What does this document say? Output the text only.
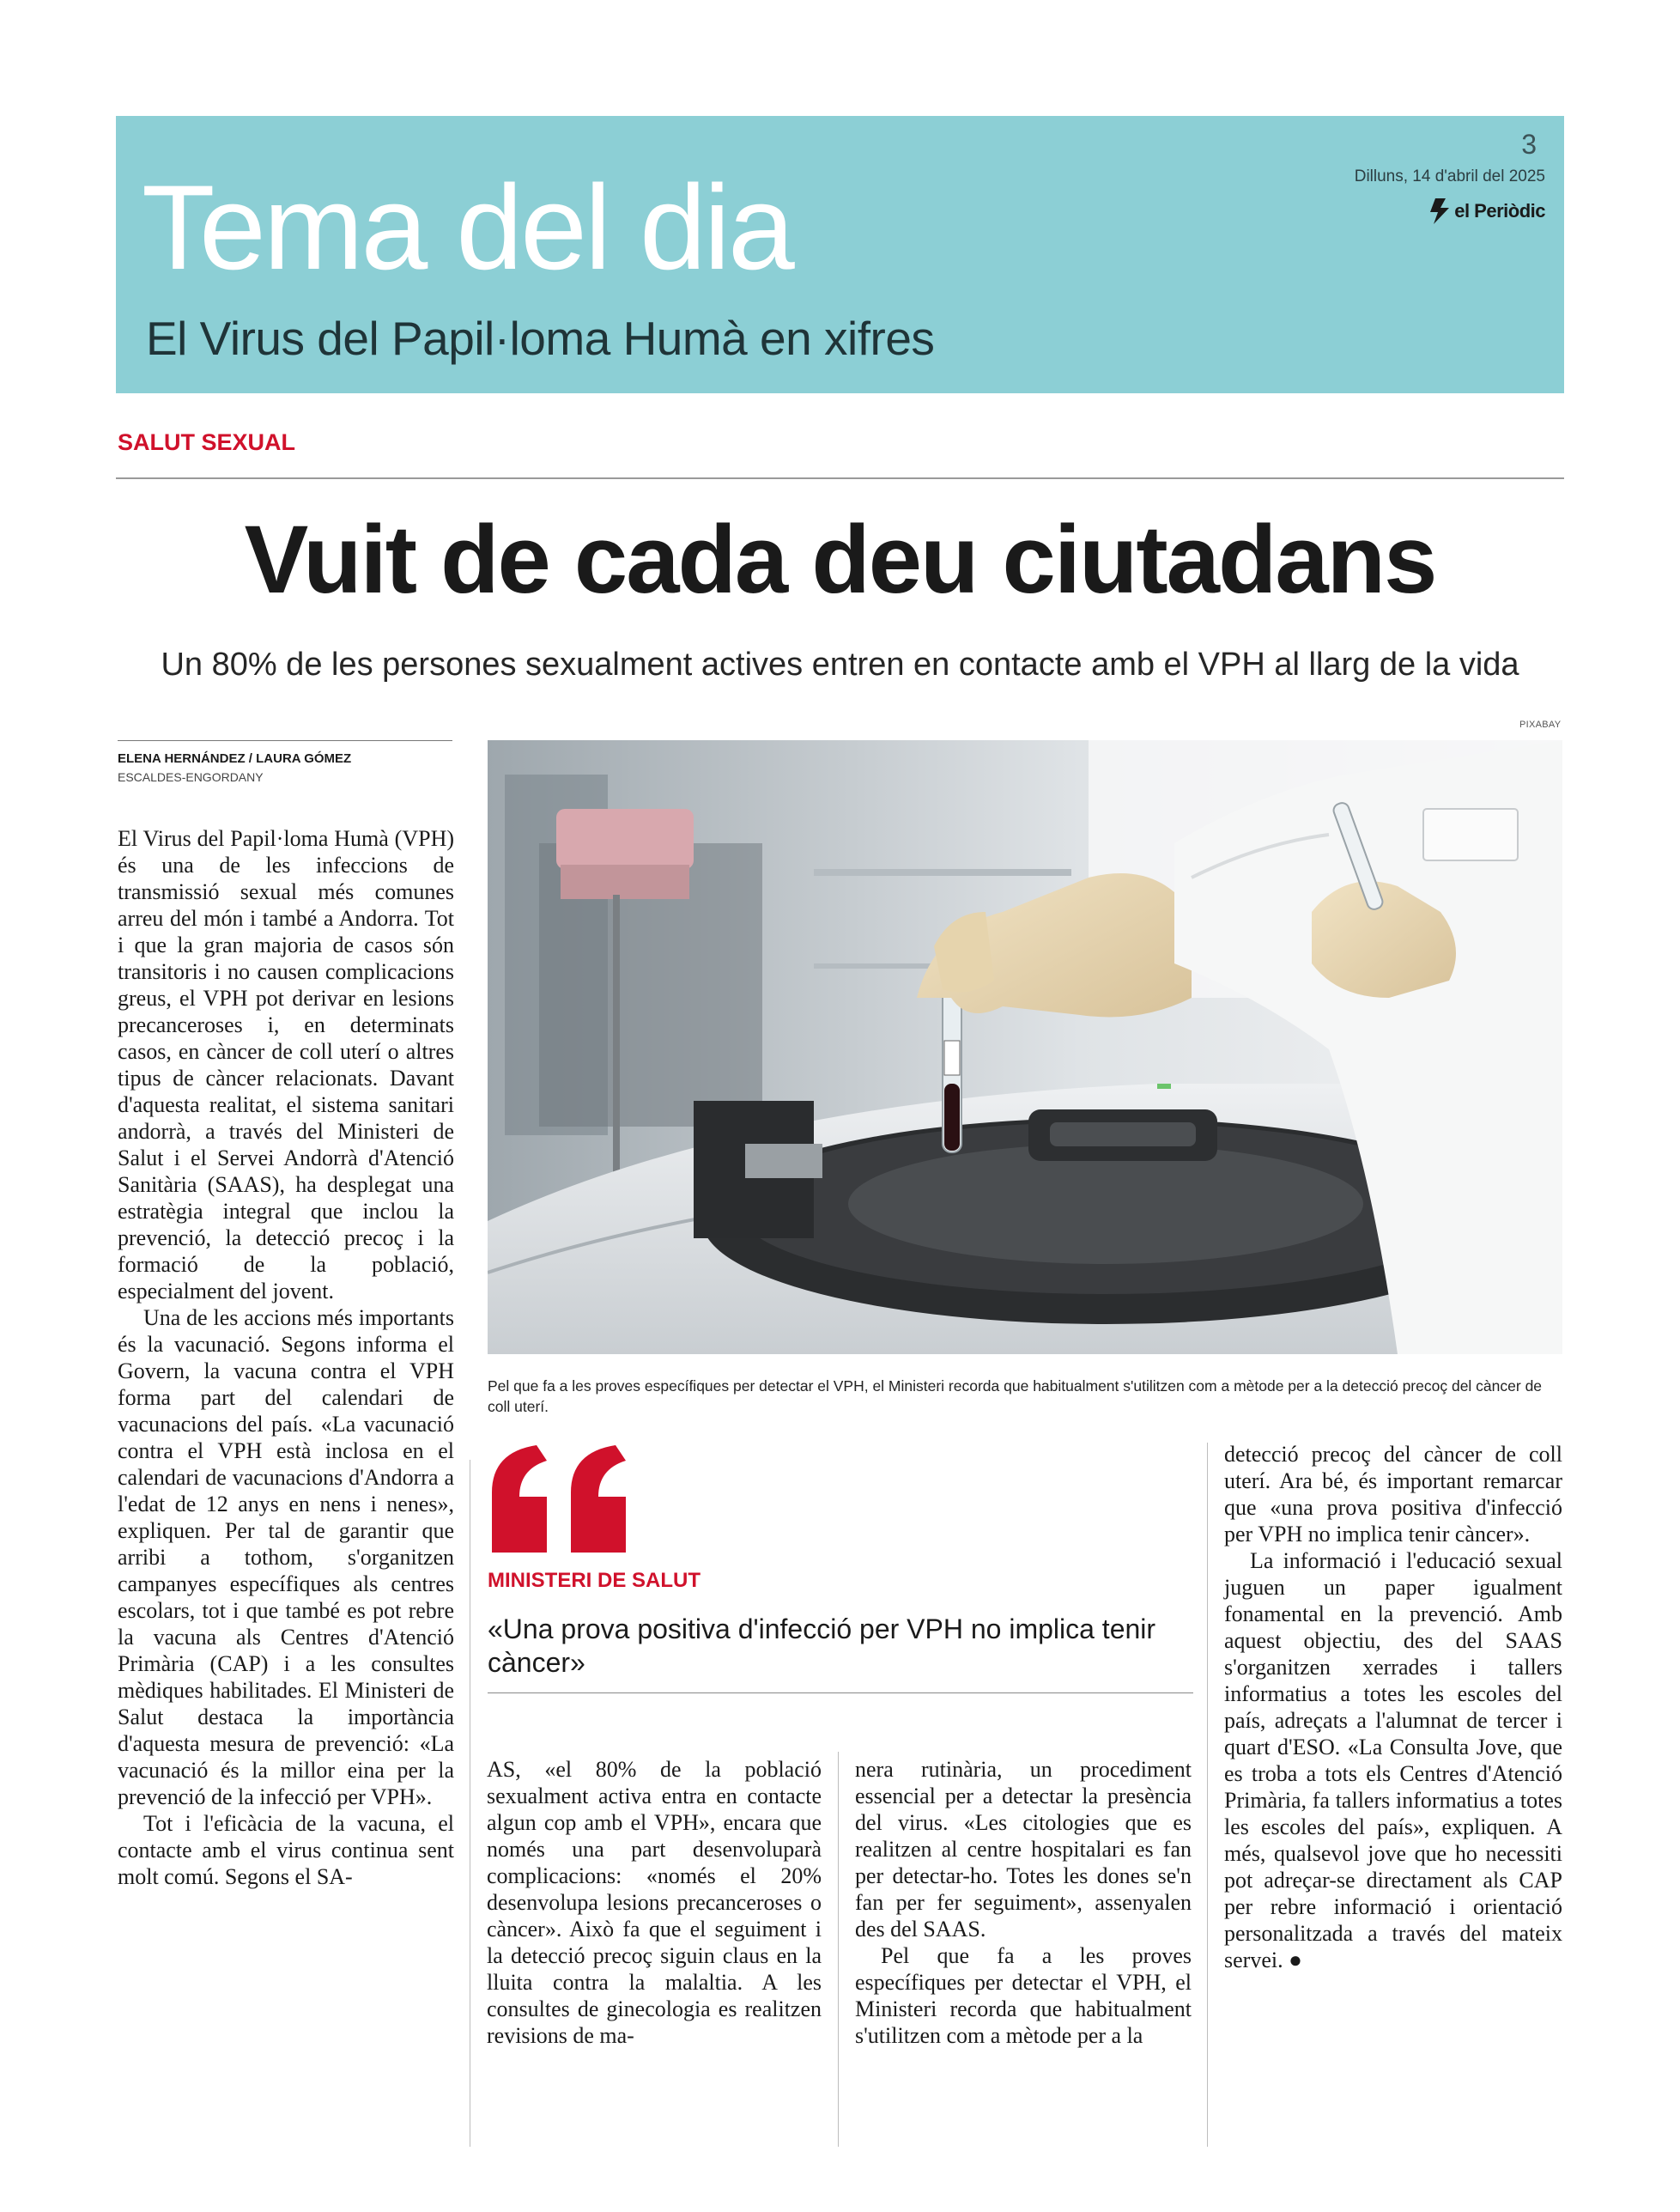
Tema del dia
El Virus del Papil·loma Humà en xifres
3
Dilluns, 14 d'abril del 2025
el Periòdic
SALUT SEXUAL
Vuit de cada deu ciutadans
Un 80% de les persones sexualment actives entren en contacte amb el VPH al llarg de la vida
ELENA HERNÁNDEZ / LAURA GÓMEZ
ESCALDES-ENGORDANY
PIXABAY
Pel que fa a les proves específiques per detectar el VPH, el Ministeri recorda que habitualment s'utilitzen com a mètode per a la detecció precoç del càncer de coll uterí.

El Virus del Papil·loma Humà (VPH) és una de les infeccions de transmissió sexual més comunes arreu del món i també a Andorra. Tot i que la gran majoria de casos són transitoris i no causen complicacions greus, el VPH pot derivar en lesions precanceroses i, en determinats casos, en càncer de coll uterí o altres tipus de càncer relacionats. Davant d'aquesta realitat, el sistema sanitari andorrà, a través del Ministeri de Salut i el Servei Andorrà d'Atenció Sanitària (SAAS), ha desplegat una estratègia integral que inclou la prevenció, la detecció precoç i la formació de la població, especialment del jovent.

Una de les accions més importants és la vacunació. Segons informa el Govern, la vacuna contra el VPH forma part del calendari de vacunacions del país. «La vacunació contra el VPH està inclosa en el calendari de vacunacions d'Andorra a l'edat de 12 anys en nens i nenes», expliquen. Per tal de garantir que arribi a tothom, s'organitzen campanyes específiques als centres escolars, tot i que també es pot rebre la vacuna als Centres d'Atenció Primària (CAP) i a les consultes mèdiques habilitades. El Ministeri de Salut destaca la importància d'aquesta mesura de prevenció: «La vacunació és la millor eina per la prevenció de la infecció per VPH».

Tot i l'eficàcia de la vacuna, el contacte amb el virus continua sent molt comú. Segons el SA-

MINISTERI DE SALUT
«Una prova positiva d'infecció per VPH no implica tenir càncer»

AS, «el 80% de la població sexualment activa entra en contacte algun cop amb el VPH», encara que només una part desenvoluparà complicacions: «només el 20% desenvolupa lesions precanceroses o càncer». Això fa que el seguiment i la detecció precoç siguin claus en la lluita contra la malaltia. A les consultes de ginecologia es realitzen revisions de ma-

nera rutinària, un procediment essencial per a detectar la presència del virus. «Les citologies que es realitzen al centre hospitalari es fan per detectar-ho. Totes les dones se'n fan per fer seguiment», assenyalen des del SAAS.

Pel que fa a les proves específiques per detectar el VPH, el Ministeri recorda que habitualment s'utilitzen com a mètode per a la

detecció precoç del càncer de coll uterí. Ara bé, és important remarcar que «una prova positiva d'infecció per VPH no implica tenir càncer».

La informació i l'educació sexual juguen un paper igualment fonamental en la prevenció. Amb aquest objectiu, des del SAAS s'organitzen xerrades i tallers informatius a totes les escoles del país, adreçats a l'alumnat de tercer i quart d'ESO. «La Consulta Jove, que es troba a tots els Centres d'Atenció Primària, fa tallers informatius a totes les escoles del país», expliquen. A més, qualsevol jove que ho necessiti pot adreçar-se directament als CAP per rebre informació i orientació personalitzada a través del mateix servei. ●
